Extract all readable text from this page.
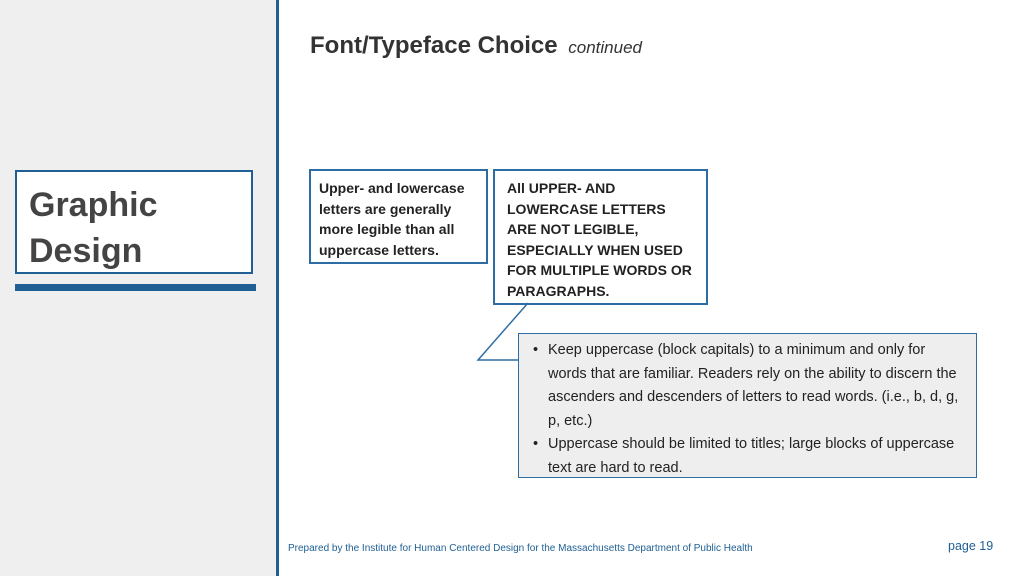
Graphic Design

Font/Typeface Choice continued
Upper- and lowercase letters are generally more legible than all uppercase letters.
All UPPER- AND LOWERCASE LETTERS ARE NOT LEGIBLE, ESPECIALLY WHEN USED FOR MULTIPLE WORDS OR PARAGRAPHS.
• Keep uppercase (block capitals) to a minimum and only for words that are familiar. Readers rely on the ability to discern the ascenders and descenders of letters to read words. (i.e., b, d, g, p, etc.)
• Uppercase should be limited to titles; large blocks of uppercase text are hard to read.
Prepared by the Institute for Human Centered Design for the Massachusetts Department of Public Health	page 19
